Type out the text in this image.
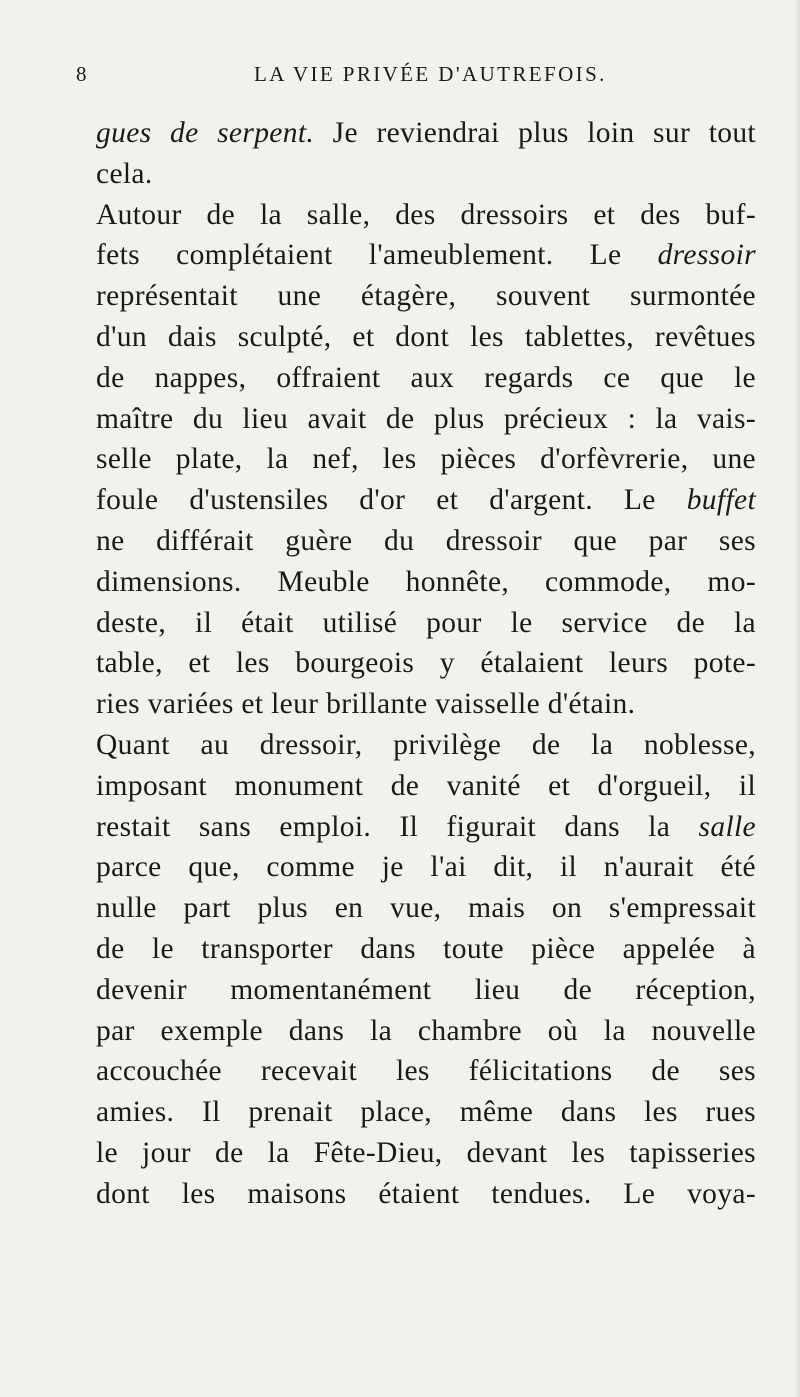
8	LA VIE PRIVÉE D'AUTREFOIS.
gues de serpent. Je reviendrai plus loin sur tout
cela.
Autour de la salle, des dressoirs et des buf-
fets complétaient l'ameublement. Le dressoir
représentait une étagère, souvent surmontée
d'un dais sculpté, et dont les tablettes, revêtues
de nappes, offraient aux regards ce que le
maître du lieu avait de plus précieux : la vais-
selle plate, la nef, les pièces d'orfèvrerie, une
foule d'ustensiles d'or et d'argent. Le buffet
ne différait guère du dressoir que par ses
dimensions. Meuble honnête, commode, mo-
deste, il était utilisé pour le service de la
table, et les bourgeois y étalaient leurs pote-
ries variées et leur brillante vaisselle d'étain.
Quant au dressoir, privilège de la noblesse,
imposant monument de vanité et d'orgueil, il
restait sans emploi. Il figurait dans la salle
parce que, comme je l'ai dit, il n'aurait été
nulle part plus en vue, mais on s'empressait
de le transporter dans toute pièce appelée à
devenir momentanément lieu de réception,
par exemple dans la chambre où la nouvelle
accouchée recevait les félicitations de ses
amies. Il prenait place, même dans les rues
le jour de la Fête-Dieu, devant les tapisseries
dont les maisons étaient tendues. Le voya-
